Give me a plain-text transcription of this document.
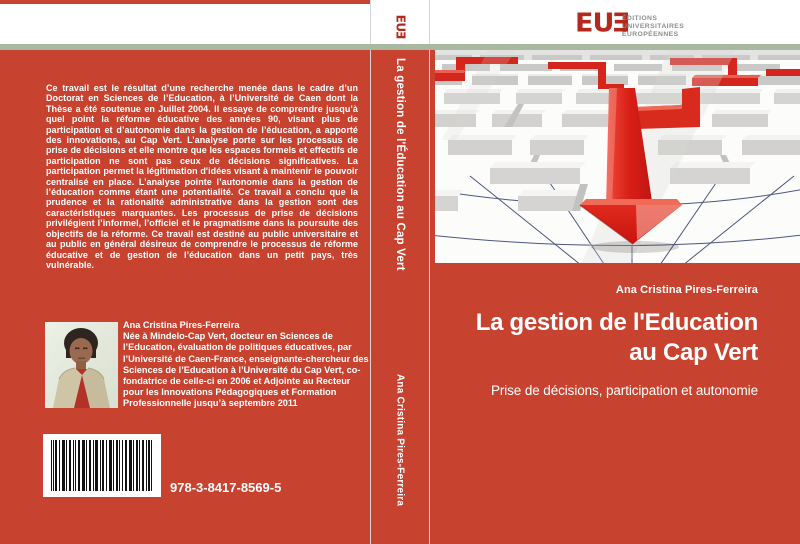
Ce travail est le résultat d’une recherche menée dans le cadre d’un Doctorat en Sciences de l’Education, à l’Université de Caen dont la Thèse a été soutenue en Juillet 2004. Il essaye de comprendre jusqu’à quel point la réforme éducative des années 90, visant plus de participation et d’autonomie dans la gestion de l’éducation, a apporté des innovations, au Cap Vert. L’analyse porte sur les processus de prise de décisions et elle montre que les espaces formels et effectifs de participation ne sont pas ceux de décisions significatives. La participation permet la légitimation d'idées visant à maintenir le pouvoir centralisé en place. L’analyse pointe l’autonomie dans la gestion de l’éducation comme étant une potentialité. Ce travail a conclu que la prudence et la rationalité administrative dans la gestion sont des caractéristiques marquantes. Les processus de prise de décisions privilégient l’informel, l’officiel et le pragmatisme dans la poursuite des objectifs de la réforme. Ce travail est destiné au public universitaire et au public en général désireux de comprendre le processus de réforme éducative et de gestion de l’éducation dans un petit pays, très vulnérable.

Ana Cristina Pires-Ferreira
Née à Mindelo-Cap Vert, docteur en Sciences de l’Education, évaluation de politiques éducatives, par l’Université de Caen-France, enseignante-chercheur des Sciences de l’Education à l’Université du Cap Vert, co-fondatrice de celle-ci en 2006 et Adjointe au Recteur pour les Innovations Pédagogiques et Formation Professionnelle jusqu’à septembre 2011
978-3-8417-8569-5
EUE
La gestion de l'Éducation au Cap Vert
Ana Cristina Pires-Ferreira
EUE
ÉDITIONS
UNIVERSITAIRES
EUROPÉENNES
Ana Cristina Pires-Ferreira
La gestion de l'Education
au Cap Vert
Prise de décisions, participation et autonomie
